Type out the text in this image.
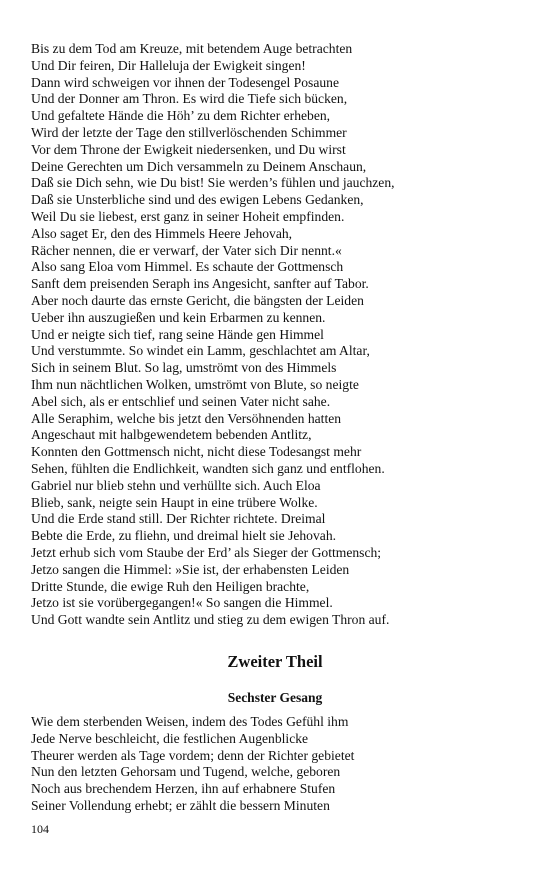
Bis zu dem Tod am Kreuze, mit betendem Auge betrachten
Und Dir feiren, Dir Halleluja der Ewigkeit singen!
Dann wird schweigen vor ihnen der Todesengel Posaune
Und der Donner am Thron. Es wird die Tiefe sich bücken,
Und gefaltete Hände die Höh’ zu dem Richter erheben,
Wird der letzte der Tage den stillverlöschenden Schimmer
Vor dem Throne der Ewigkeit niedersenken, und Du wirst
Deine Gerechten um Dich versammeln zu Deinem Anschaun,
Daß sie Dich sehn, wie Du bist! Sie werden’s fühlen und jauchzen,
Daß sie Unsterbliche sind und des ewigen Lebens Gedanken,
Weil Du sie liebest, erst ganz in seiner Hoheit empfinden.
Also saget Er, den des Himmels Heere Jehovah,
Rächer nennen, die er verwarf, der Vater sich Dir nennt.«
Also sang Eloa vom Himmel. Es schaute der Gottmensch
Sanft dem preisenden Seraph ins Angesicht, sanfter auf Tabor.
Aber noch daurte das ernste Gericht, die bängsten der Leiden
Ueber ihn auszugießen und kein Erbarmen zu kennen.
Und er neigte sich tief, rang seine Hände gen Himmel
Und verstummte. So windet ein Lamm, geschlachtet am Altar,
Sich in seinem Blut. So lag, umströmt von des Himmels
Ihm nun nächtlichen Wolken, umströmt von Blute, so neigte
Abel sich, als er entschlief und seinen Vater nicht sahe.
Alle Seraphim, welche bis jetzt den Versöhnenden hatten
Angeschaut mit halbgewendetem bebenden Antlitz,
Konnten den Gottmensch nicht, nicht diese Todesangst mehr
Sehen, fühlten die Endlichkeit, wandten sich ganz und entflohen.
Gabriel nur blieb stehn und verhüllte sich. Auch Eloa
Blieb, sank, neigte sein Haupt in eine trübere Wolke.
Und die Erde stand still. Der Richter richtete. Dreimal
Bebte die Erde, zu fliehn, und dreimal hielt sie Jehovah.
Jetzt erhub sich vom Staube der Erd’ als Sieger der Gottmensch;
Jetzo sangen die Himmel: »Sie ist, der erhabensten Leiden
Dritte Stunde, die ewige Ruh den Heiligen brachte,
Jetzo ist sie vorübergegangen!« So sangen die Himmel.
Und Gott wandte sein Antlitz und stieg zu dem ewigen Thron auf.
Zweiter Theil
Sechster Gesang
Wie dem sterbenden Weisen, indem des Todes Gefühl ihm
Jede Nerve beschleicht, die festlichen Augenblicke
Theurer werden als Tage vordem; denn der Richter gebietet
Nun den letzten Gehorsam und Tugend, welche, geboren
Noch aus brechendem Herzen, ihn auf erhabnere Stufen
Seiner Vollendung erhebt; er zählt die bessern Minuten
104
